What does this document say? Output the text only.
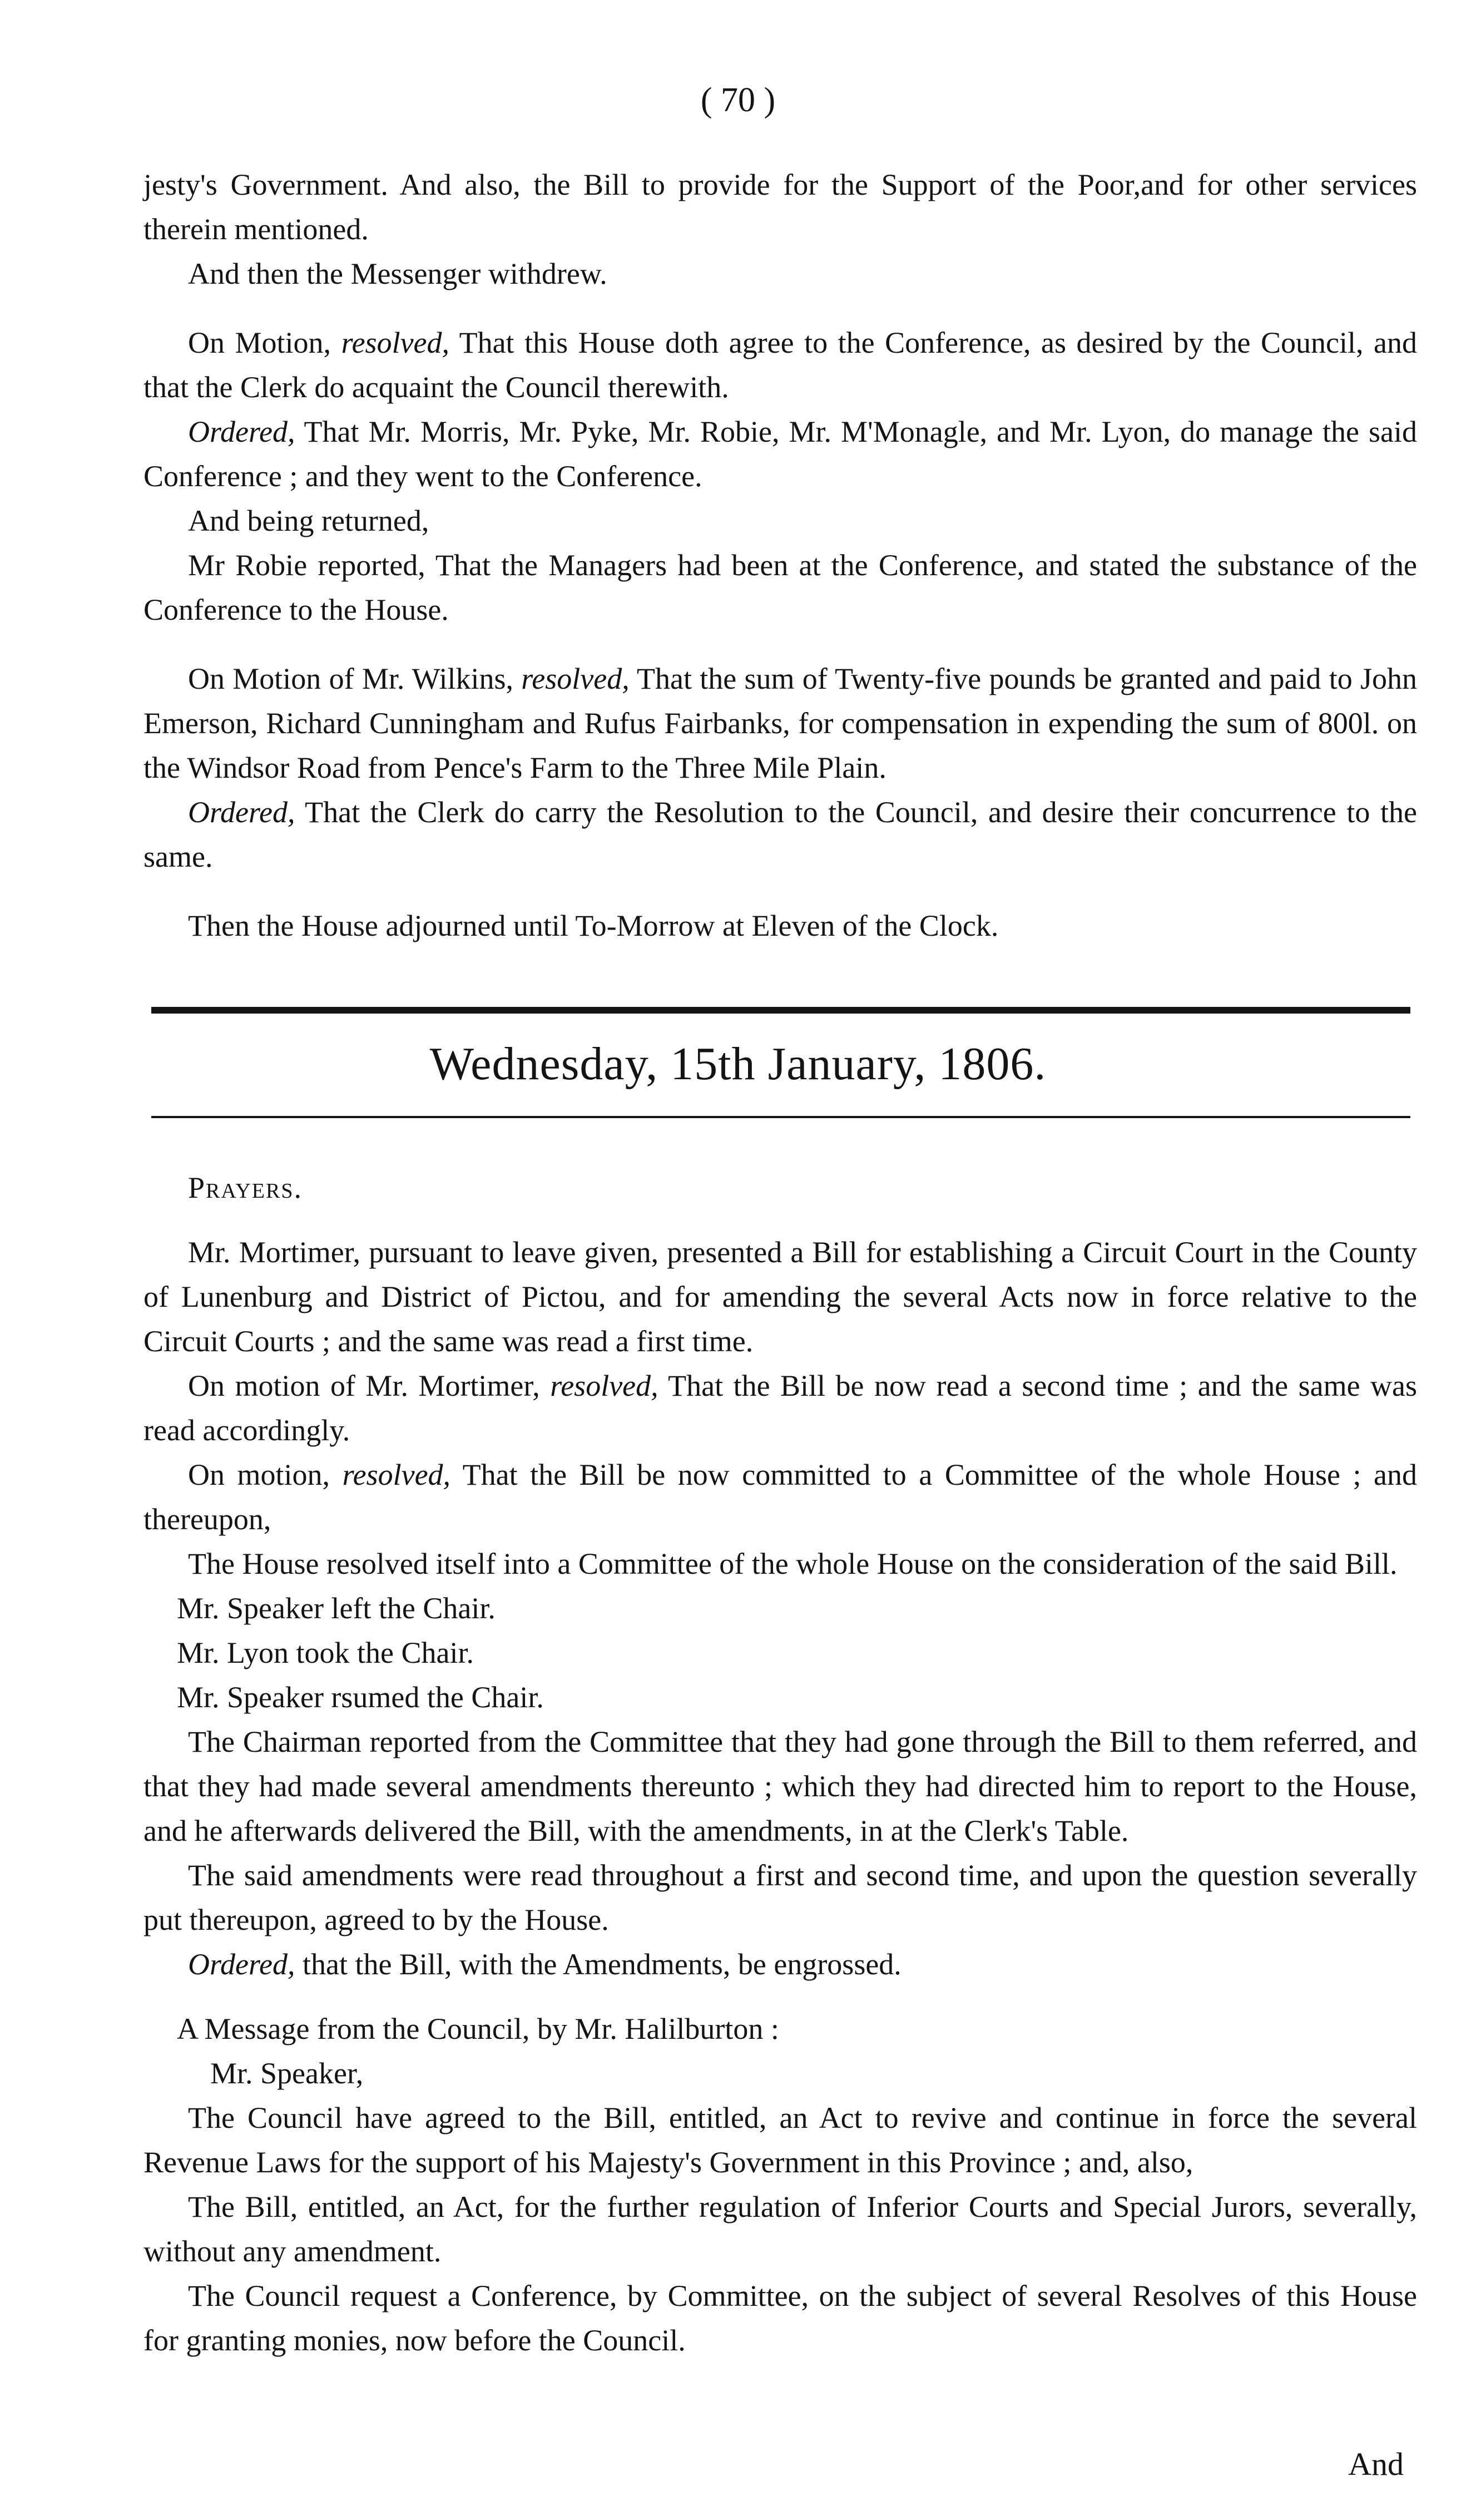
( 70 )

jesty's Government. And also, the Bill to provide for the Support of the Poor,and for other services therein mentioned.

And then the Messenger withdrew.

On Motion, resolved, That this House doth agree to the Conference, as desired by the Council, and that the Clerk do acquaint the Council therewith.

Ordered, That Mr. Morris, Mr. Pyke, Mr. Robie, Mr. M'Monagle, and Mr. Lyon, do manage the said Conference ; and they went to the Conference.

And being returned,

Mr Robie reported, That the Managers had been at the Conference, and stated the substance of the Conference to the House.

On Motion of Mr. Wilkins, resolved, That the sum of Twenty-five pounds be granted and paid to John Emerson, Richard Cunningham and Rufus Fairbanks, for compensation in expending the sum of 800l. on the Windsor Road from Pence's Farm to the Three Mile Plain.

Ordered, That the Clerk do carry the Resolution to the Council, and desire their concurrence to the same.

Then the House adjourned until To-Morrow at Eleven of the Clock.

Wednesday, 15th January, 1806.

Prayers.

Mr. Mortimer, pursuant to leave given, presented a Bill for establishing a Circuit Court in the County of Lunenburg and District of Pictou, and for amending the several Acts now in force relative to the Circuit Courts ; and the same was read a first time.

On motion of Mr. Mortimer, resolved, That the Bill be now read a second time ; and the same was read accordingly.

On motion, resolved, That the Bill be now committed to a Committee of the whole House ; and thereupon,

The House resolved itself into a Committee of the whole House on the consideration of the said Bill.

Mr. Speaker left the Chair.

Mr. Lyon took the Chair.

Mr. Speaker rsumed the Chair.

The Chairman reported from the Committee that they had gone through the Bill to them referred, and that they had made several amendments thereunto ; which they had directed him to report to the House, and he afterwards delivered the Bill, with the amendments, in at the Clerk's Table.

The said amendments were read throughout a first and second time, and upon the question severally put thereupon, agreed to by the House.

Ordered, that the Bill, with the Amendments, be engrossed.

A Message from the Council, by Mr. Halilburton :

Mr. Speaker,

The Council have agreed to the Bill, entitled, an Act to revive and continue in force the several Revenue Laws for the support of his Majesty's Government in this Province ; and, also,

The Bill, entitled, an Act, for the further regulation of Inferior Courts and Special Jurors, severally, without any amendment.

The Council request a Conference, by Committee, on the subject of several Resolves of this House for granting monies, now before the Council.

And
